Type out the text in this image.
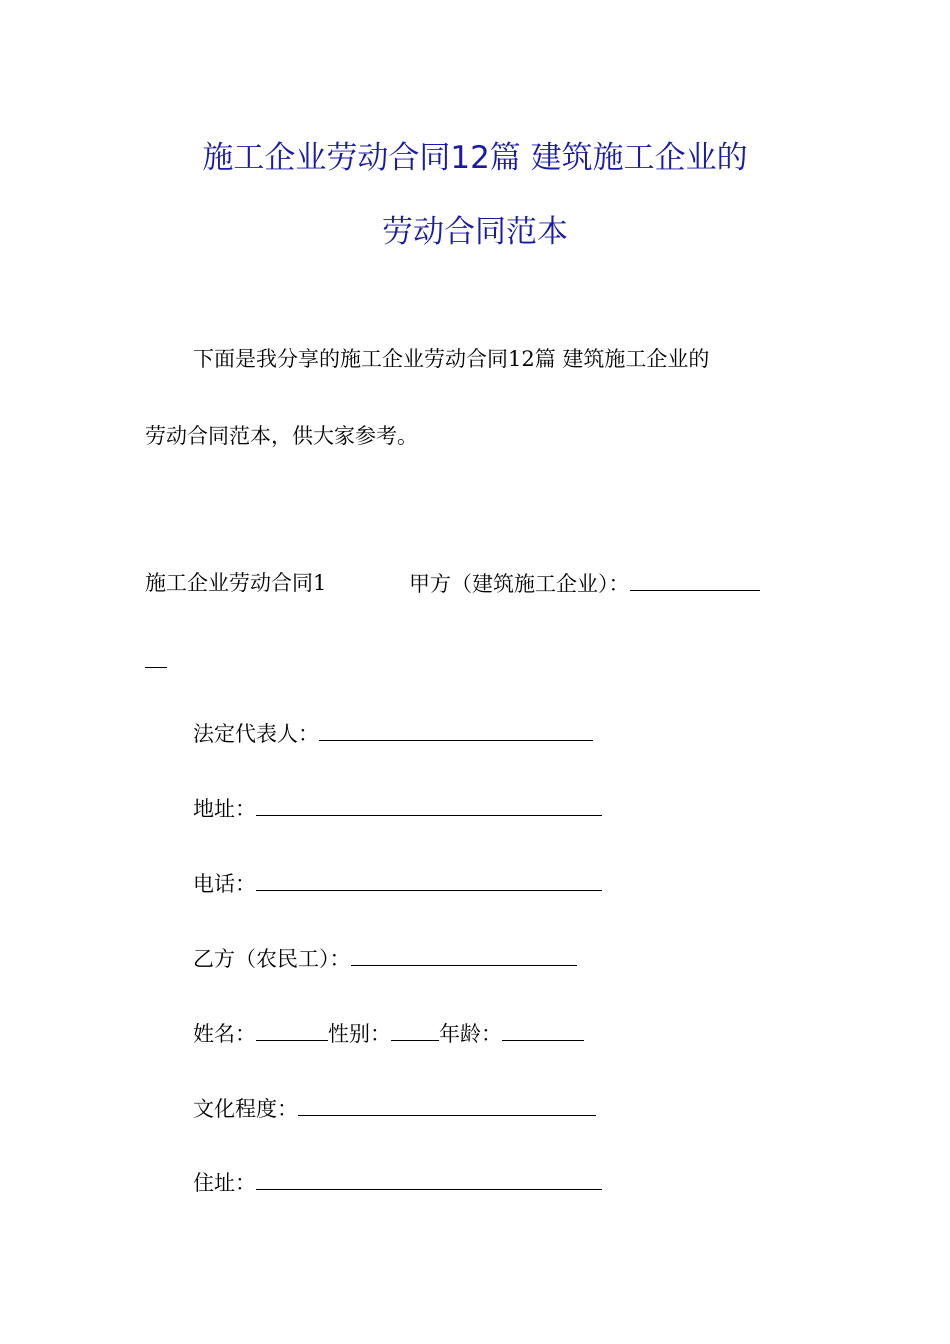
施工企业劳动合同12篇 建筑施工企业的
劳动合同范本
下面是我分享的施工企业劳动合同12篇 建筑施工企业的
劳动合同范本，供大家参考。
施工企业劳动合同1	甲方（建筑施工企业）：
法定代表人：
地址：
电话：
乙方（农民工）：
姓名：	性别： 年龄：
文化程度：
住址：
